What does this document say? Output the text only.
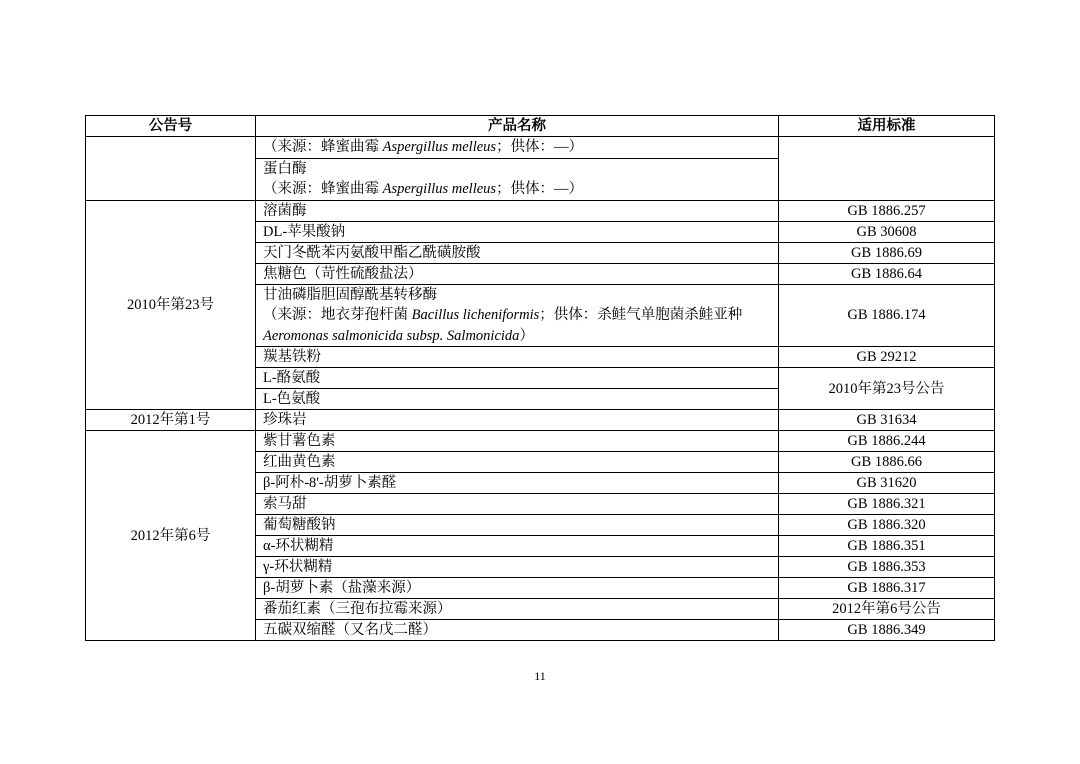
公告号	产品名称	适用标准

	（来源：蜂蜜曲霉 Aspergillus melleus；供体：—）	

	蛋白酶
（来源：蜂蜜曲霉 Aspergillus melleus；供体：—）	

2010年第23号	溶菌酶	GB 1886.257
	DL-苹果酸钠	GB 30608
	天门冬酰苯丙氨酸甲酯乙酰磺胺酸	GB 1886.69
	焦糖色（苛性硫酸盐法）	GB 1886.64

	甘油磷脂胆固醇酰基转移酶
（来源：地衣芽孢杆菌 Bacillus licheniformis；供体：杀鲑气单胞菌杀鲑亚种
Aeromonas salmonicida subsp. Salmonicida）	GB 1886.174
	羰基铁粉	GB 29212
	L-酪氨酸	2010年第23号公告
	L-色氨酸	
2012年第1号	珍珠岩	GB 31634
2012年第6号	紫甘薯色素	GB 1886.244
	红曲黄色素	GB 1886.66
	β-阿朴-8'-胡萝卜素醛	GB 31620
	索马甜	GB 1886.321
	葡萄糖酸钠	GB 1886.320
	α-环状糊精	GB 1886.351
	γ-环状糊精	GB 1886.353
	β-胡萝卜素（盐藻来源）	GB 1886.317
	番茄红素（三孢布拉霉来源）	2012年第6号公告
	五碳双缩醛（又名戊二醛）	GB 1886.349
11
